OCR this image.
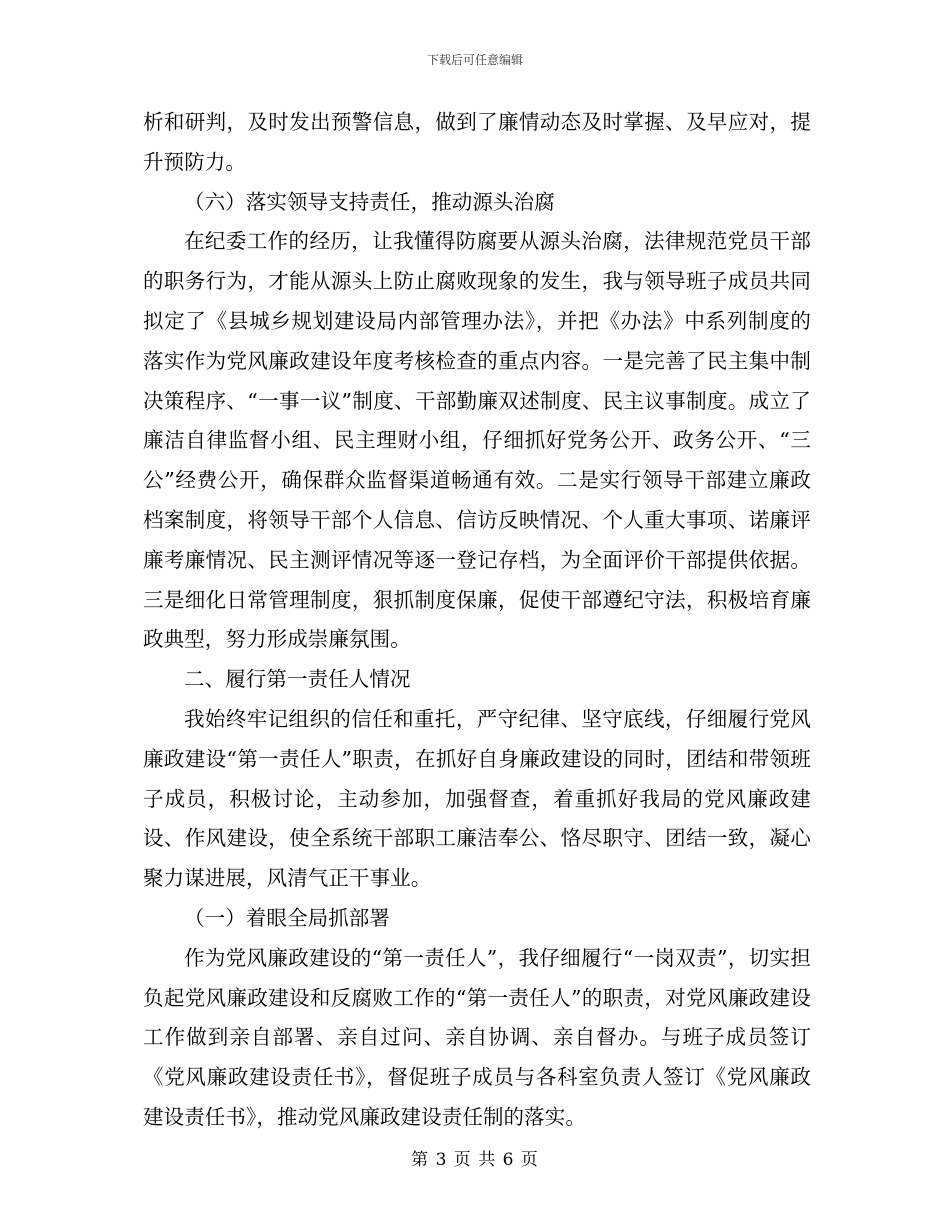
下载后可任意编辑

析和研判，及时发出预警信息，做到了廉情动态及时掌握、及早应对，提升预防力。

（六）落实领导支持责任，推动源头治腐

在纪委工作的经历，让我懂得防腐要从源头治腐，法律规范党员干部的职务行为，才能从源头上防止腐败现象的发生，我与领导班子成员共同拟定了《县城乡规划建设局内部管理办法》，并把《办法》中系列制度的落实作为党风廉政建设年度考核检查的重点内容。一是完善了民主集中制决策程序、“一事一议”制度、干部勤廉双述制度、民主议事制度。成立了廉洁自律监督小组、民主理财小组，仔细抓好党务公开、政务公开、“三公”经费公开，确保群众监督渠道畅通有效。二是实行领导干部建立廉政档案制度，将领导干部个人信息、信访反映情况、个人重大事项、诺廉评廉考廉情况、民主测评情况等逐一登记存档，为全面评价干部提供依据。三是细化日常管理制度，狠抓制度保廉，促使干部遵纪守法，积极培育廉政典型，努力形成崇廉氛围。

二、履行第一责任人情况

我始终牢记组织的信任和重托，严守纪律、坚守底线，仔细履行党风廉政建设“第一责任人”职责，在抓好自身廉政建设的同时，团结和带领班子成员，积极讨论，主动参加，加强督查，着重抓好我局的党风廉政建设、作风建设，使全系统干部职工廉洁奉公、恪尽职守、团结一致，凝心聚力谋进展，风清气正干事业。

（一）着眼全局抓部署

作为党风廉政建设的“第一责任人”，我仔细履行“一岗双责”，切实担负起党风廉政建设和反腐败工作的“第一责任人”的职责，对党风廉政建设工作做到亲自部署、亲自过问、亲自协调、亲自督办。与班子成员签订《党风廉政建设责任书》，督促班子成员与各科室负责人签订《党风廉政建设责任书》，推动党风廉政建设责任制的落实。

第 3 页 共 6 页
